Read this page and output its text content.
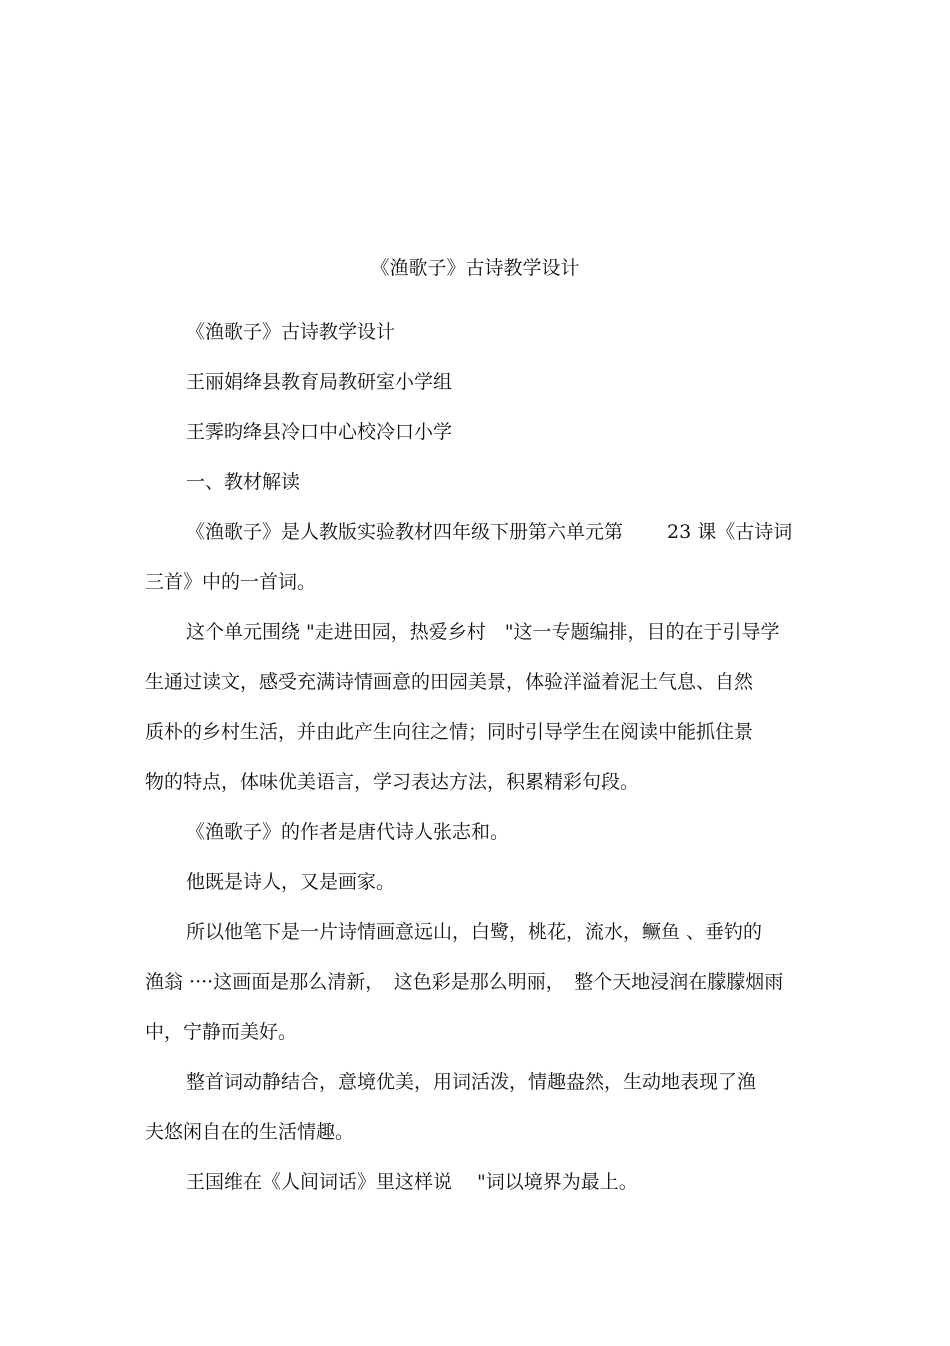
《渔歌子》古诗教学设计

《渔歌子》古诗教学设计

王丽娟绛县教育局教研室小学组

王霁昀绛县冷口中心校冷口小学

一、教材解读

《渔歌子》是人教版实验教材四年级下册第六单元第　　 23 课《古诗词

三首》中的一首词。

这个单元围绕 "走进田园，热爱乡村　"这一专题编排，目的在于引导学

生通过读文，感受充满诗情画意的田园美景，体验洋溢着泥土气息、自然

质朴的乡村生活，并由此产生向往之情；同时引导学生在阅读中能抓住景

物的特点，体味优美语言，学习表达方法，积累精彩句段。

《渔歌子》的作者是唐代诗人张志和。

他既是诗人，又是画家。

所以他笔下是一片诗情画意远山，白鹭，桃花，流水，鳜鱼 、垂钓的

渔翁 ····这画面是那么清新，　这色彩是那么明丽，　整个天地浸润在朦朦烟雨

中，宁静而美好。

整首词动静结合，意境优美，用词活泼，情趣盎然，生动地表现了渔

夫悠闲自在的生活情趣。

王国维在《人间词话》里这样说　 "词以境界为最上。
